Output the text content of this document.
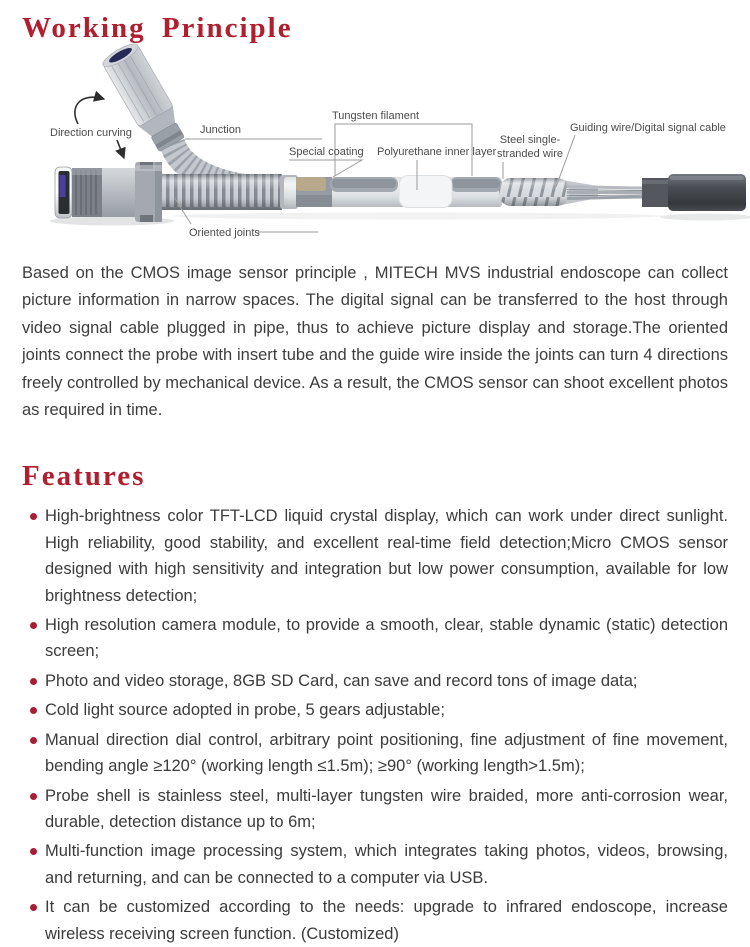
Working Principle
Direction curving	Junction
Oriented joints
Special coating
Tungsten filament
Polyurethane inner layer
Steel single-
stranded wire
Guiding wire/Digital signal cable

Based on the CMOS image sensor principle , MITECH MVS industrial endoscope can collect picture information in narrow spaces. The digital signal can be transferred to the host through video signal cable plugged in pipe, thus to achieve picture display and storage.The oriented joints connect the probe with insert tube and the guide wire inside the joints can turn 4 directions freely controlled by mechanical device. As a result, the CMOS sensor can shoot excellent photos as required in time.

Features
High-brightness color TFT-LCD liquid crystal display, which can work under direct sunlight. High reliability, good stability, and excellent real-time field detection;Micro CMOS sensor designed with high sensitivity and integration but low power consumption, available for low brightness detection;
High resolution camera module, to provide a smooth, clear, stable dynamic (static) detection screen;
Photo and video storage, 8GB SD Card, can save and record tons of image data;
Cold light source adopted in probe, 5 gears adjustable;
Manual direction dial control, arbitrary point positioning, fine adjustment of fine movement, bending angle ≥120° (working length ≤1.5m); ≥90° (working length>1.5m);
Probe shell is stainless steel, multi-layer tungsten wire braided, more anti-corrosion wear, durable, detection distance up to 6m;
Multi-function image processing system, which integrates taking photos, videos, browsing, and returning, and can be connected to a computer via USB.
It can be customized according to the needs: upgrade to infrared endoscope, increase wireless receiving screen function. (Customized)
